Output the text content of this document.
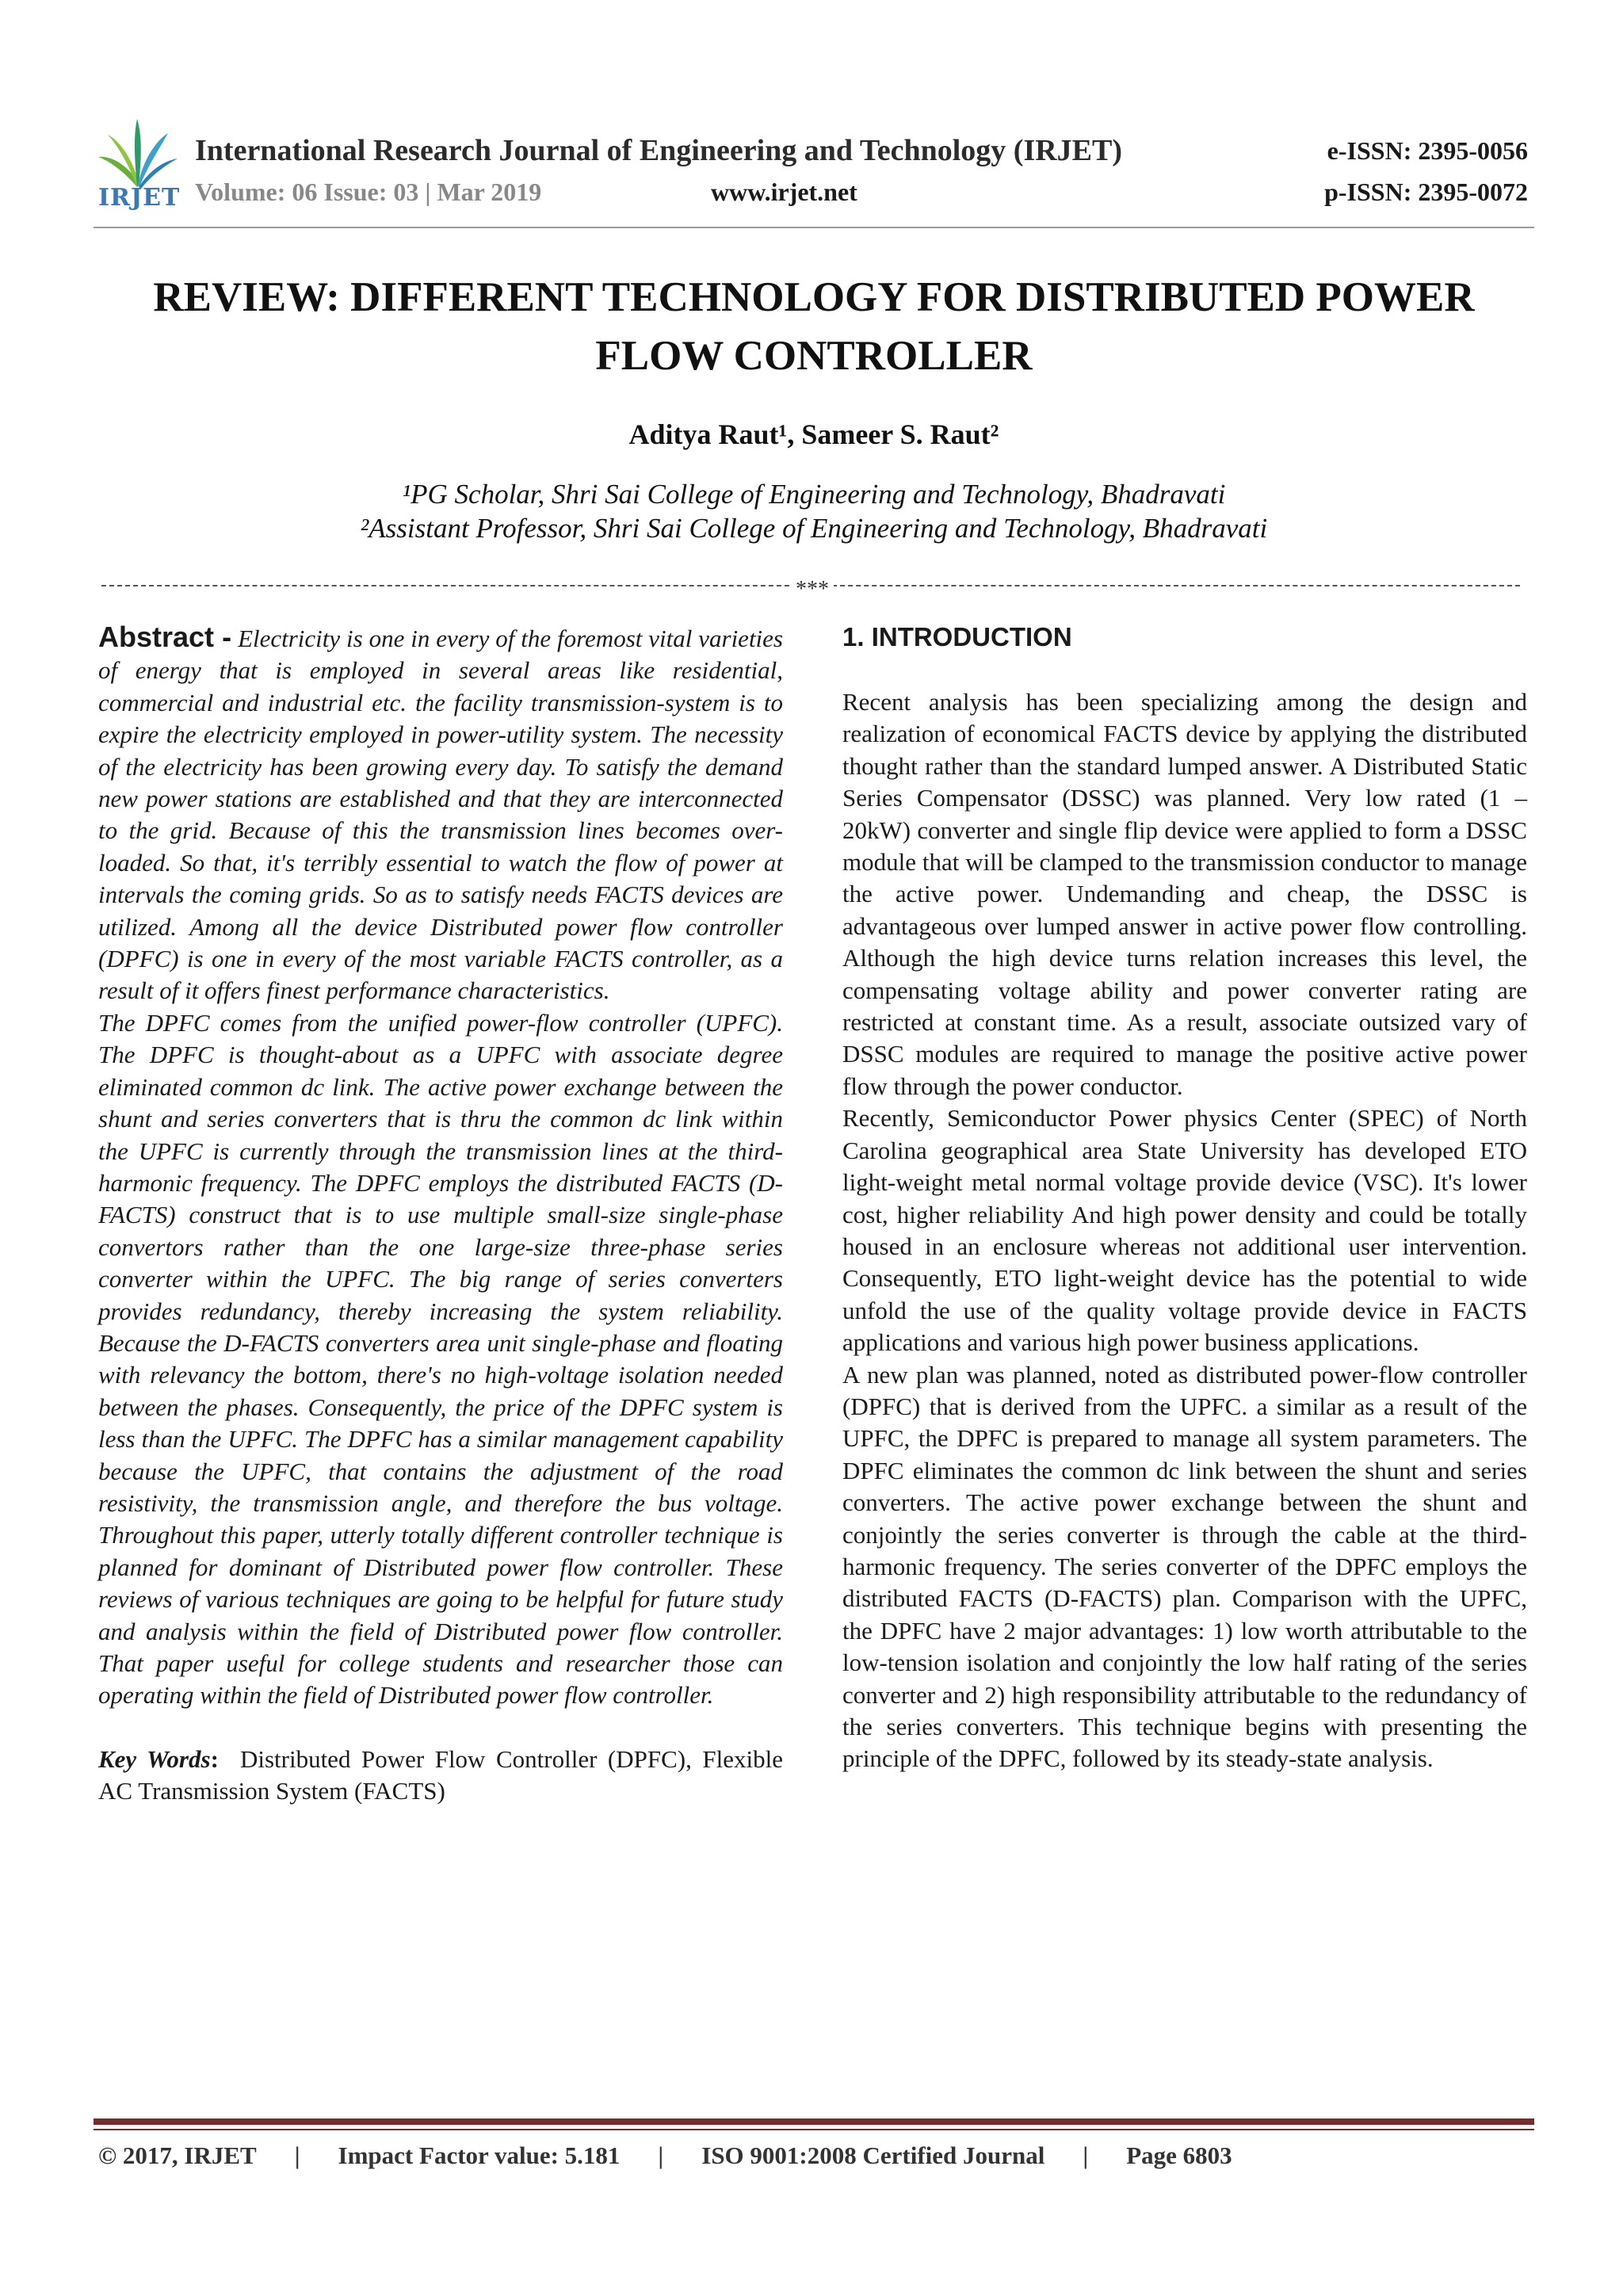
IRJET
International Research Journal of Engineering and Technology (IRJET)
Volume: 06 Issue: 03 | Mar 2019	www.irjet.net
e-ISSN: 2395-0056
p-ISSN: 2395-0072
REVIEW: DIFFERENT TECHNOLOGY FOR DISTRIBUTED POWER FLOW CONTROLLER
Aditya Raut¹, Sameer S. Raut²
¹PG Scholar, Shri Sai College of Engineering and Technology, Bhadravati
²Assistant Professor, Shri Sai College of Engineering and Technology, Bhadravati
***

Abstract - Electricity is one in every of the foremost vital varieties of energy that is employed in several areas like residential, commercial and industrial etc. the facility transmission-system is to expire the electricity employed in power-utility system. The necessity of the electricity has been growing every day. To satisfy the demand new power stations are established and that they are interconnected to the grid. Because of this the transmission lines becomes over-loaded. So that, it's terribly essential to watch the flow of power at intervals the coming grids. So as to satisfy needs FACTS devices are utilized. Among all the device Distributed power flow controller (DPFC) is one in every of the most variable FACTS controller, as a result of it offers finest performance characteristics.

The DPFC comes from the unified power-flow controller (UPFC). The DPFC is thought-about as a UPFC with associate degree eliminated common dc link. The active power exchange between the shunt and series converters that is thru the common dc link within the UPFC is currently through the transmission lines at the third-harmonic frequency. The DPFC employs the distributed FACTS (D-FACTS) construct that is to use multiple small-size single-phase convertors rather than the one large-size three-phase series converter within the UPFC. The big range of series converters provides redundancy, thereby increasing the system reliability. Because the D-FACTS converters area unit single-phase and floating with relevancy the bottom, there's no high-voltage isolation needed between the phases. Consequently, the price of the DPFC system is less than the UPFC. The DPFC has a similar management capability because the UPFC, that contains the adjustment of the road resistivity, the transmission angle, and therefore the bus voltage. Throughout this paper, utterly totally different controller technique is planned for dominant of Distributed power flow controller. These reviews of various techniques are going to be helpful for future study and analysis within the field of Distributed power flow controller. That paper useful for college students and researcher those can operating within the field of Distributed power flow controller.

Key Words: Distributed Power Flow Controller (DPFC), Flexible AC Transmission System (FACTS)

1. INTRODUCTION

Recent analysis has been specializing among the design and realization of economical FACTS device by applying the distributed thought rather than the standard lumped answer. A Distributed Static Series Compensator (DSSC) was planned. Very low rated (1 – 20kW) converter and single flip device were applied to form a DSSC module that will be clamped to the transmission conductor to manage the active power. Undemanding and cheap, the DSSC is advantageous over lumped answer in active power flow controlling. Although the high device turns relation increases this level, the compensating voltage ability and power converter rating are restricted at constant time. As a result, associate outsized vary of DSSC modules are required to manage the positive active power flow through the power conductor.

Recently, Semiconductor Power physics Center (SPEC) of North Carolina geographical area State University has developed ETO light-weight metal normal voltage provide device (VSC). It's lower cost, higher reliability And high power density and could be totally housed in an enclosure whereas not additional user intervention. Consequently, ETO light-weight device has the potential to wide unfold the use of the quality voltage provide device in FACTS applications and various high power business applications.

A new plan was planned, noted as distributed power-flow controller (DPFC) that is derived from the UPFC. a similar as a result of the UPFC, the DPFC is prepared to manage all system parameters. The DPFC eliminates the common dc link between the shunt and series converters. The active power exchange between the shunt and conjointly the series converter is through the cable at the third-harmonic frequency. The series converter of the DPFC employs the distributed FACTS (D-FACTS) plan. Comparison with the UPFC, the DPFC have 2 major advantages: 1) low worth attributable to the low-tension isolation and conjointly the low half rating of the series converter and 2) high responsibility attributable to the redundancy of the series converters. This technique begins with presenting the principle of the DPFC, followed by its steady-state analysis.

© 2017, IRJET | Impact Factor value: 5.181 | ISO 9001:2008 Certified Journal | Page 6803
